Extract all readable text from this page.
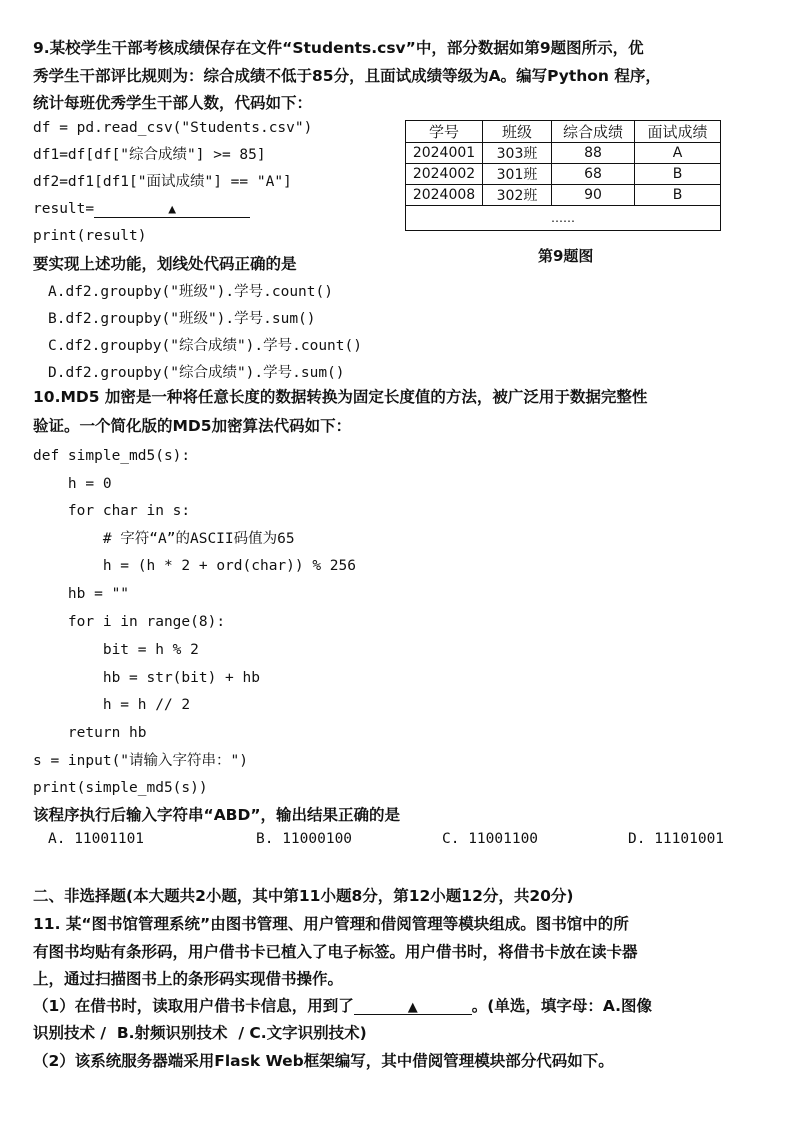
9.某校学生干部考核成绩保存在文件“Students.csv”中，部分数据如第9题图所示，优
秀学生干部评比规则为：综合成绩不低于85分，且面试成绩等级为A。编写Python 程序，
统计每班优秀学生干部人数，代码如下：
df = pd.read_csv("Students.csv")
df1=df[df["综合成绩"] >= 85]
df2=df1[df1["面试成绩"] == "A"]
result=	▲
print(result)
要实现上述功能，划线处代码正确的是
A.df2.groupby("班级").学号.count()
B.df2.groupby("班级").学号.sum()
C.df2.groupby("综合成绩").学号.count()
D.df2.groupby("综合成绩").学号.sum()
学号	班级	综合成绩	面试成绩
2024001	303班	88	A
2024002	301班	68	B
2024008	302班	90	B
……			
第9题图
10.MD5 加密是一种将任意长度的数据转换为固定长度值的方法，被广泛用于数据完整性
验证。一个简化版的MD5加密算法代码如下：
def simple_md5(s):
h = 0
for char in s:
# 字符“A”的ASCII码值为65
h = (h * 2 + ord(char)) % 256
hb = ""
for i in range(8):
bit = h % 2
hb = str(bit) + hb
h = h // 2
return hb
s = input("请输入字符串：")
print(simple_md5(s))
该程序执行后输入字符串“ABD”，输出结果正确的是
A. 11001101	B. 11000100	C. 11001100	D. 11101001
二、非选择题(本大题共2小题，其中第11小题8分，第12小题12分，共20分)
11. 某“图书馆管理系统”由图书管理、用户管理和借阅管理等模块组成。图书馆中的所
有图书均贴有条形码，用户借书卡已植入了电子标签。用户借书时，将借书卡放在读卡器
上，通过扫描图书上的条形码实现借书操作。
（1）在借书时，读取用户借书卡信息，用到了	▲	。(单选，填字母：A.图像
识别技术 /  B.射频识别技术  / C.文字识别技术)
（2）该系统服务器端采用Flask Web框架编写，其中借阅管理模块部分代码如下。
